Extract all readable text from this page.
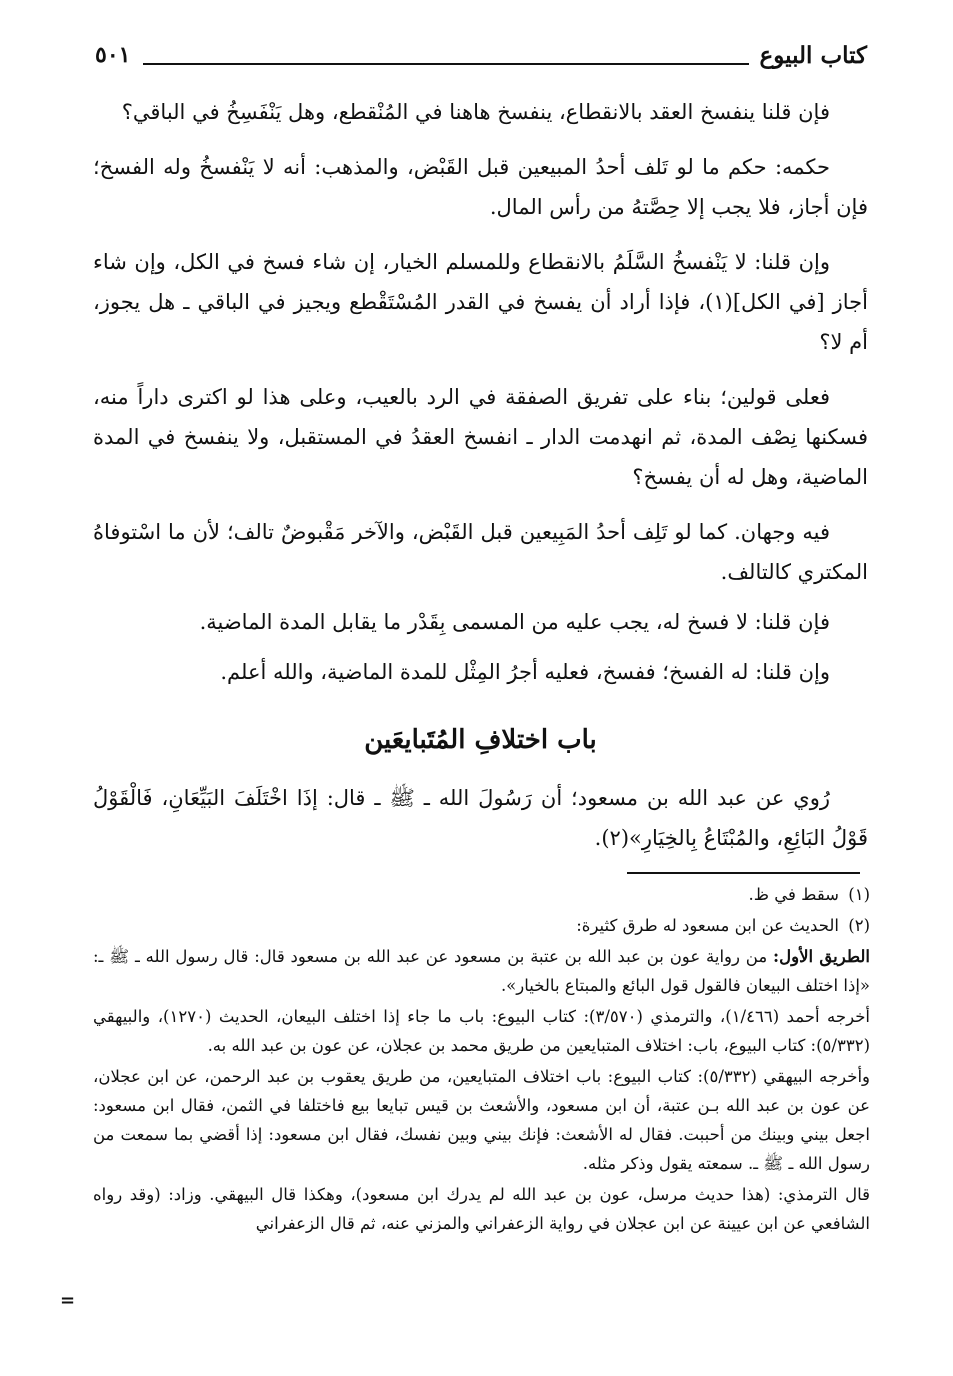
كتاب البيوع
٥٠١

فإن قلنا ينفسخ العقد بالانقطاع، ينفسخ هاهنا في المُنْقطع، وهل يَنْفَسِخُ في الباقي؟

حكمه: حكم ما لو تَلف أحدُ المبيعين قبل القَبْض، والمذهب: أنه لا يَنْفسخُ وله الفسخ؛ فإن أجاز، فلا يجب إلا حِصَّتهُ من رأس المال.

وإن قلنا: لا يَنْفسخُ السَّلَمُ بالانقطاع وللمسلم الخيار، إن شاء فسخ في الكل، وإن شاء أجاز [في الكل](١)، فإذا أراد أن يفسخ في القدر المُسْتَقْطع ويجيز في الباقي ـ هل يجوز، أم لا؟

فعلى قولين؛ بناء على تفريق الصفقة في الرد بالعيب، وعلى هذا لو اكترى داراً منه، فسكنها نِصْف المدة، ثم انهدمت الدار ـ انفسخ العقدُ في المستقبل، ولا ينفسخ في المدة الماضية، وهل له أن يفسخ؟

فيه وجهان. كما لو تَلِف أحدُ المَبِيعين قبل القَبْض، والآخر مَقْبوضٌ تالف؛ لأن ما اسْتوفاهُ المكتري كالتالف.

فإن قلنا: لا فسخ له، يجب عليه من المسمى بِقَدْر ما يقابل المدة الماضية.

وإن قلنا: له الفسخ؛ ففسخ، فعليه أجرُ المِثْل للمدة الماضية، والله أعلم.

باب اختلافِ المُتَبايعَين

رُوي عن عبد الله بن مسعود؛ أن رَسُولَ الله ـ ﷺ ـ قال: إذَا اخْتَلَفَ البَيِّعَانِ، فَالْقَوْلُ قَوْلُ البَائِعِ، والمُبْتَاعُ بِالخِيَارِ»(٢).

(١) سقط في ظ.

(٢) الحديث عن ابن مسعود له طرق كثيرة:

الطريق الأول: من رواية عون بن عبد الله بن عتبة بن مسعود عن عبد الله بن مسعود قال: قال رسول الله ـ ﷺ ـ: «إذا اختلف البيعان فالقول قول البائع والمبتاع بالخيار».

أخرجه أحمد (١/٤٦٦)، والترمذي (٣/٥٧٠): كتاب البيوع: باب ما جاء إذا اختلف البيعان، الحديث (١٢٧٠)، والبيهقي (٥/٣٣٢): كتاب البيوع، باب: اختلاف المتبايعين من طريق محمد بن عجلان، عن عون بن عبد الله به.

وأخرجه البيهقي (٥/٣٣٢): كتاب البيوع: باب اختلاف المتبايعين، من طريق يعقوب بن عبد الرحمن، عن ابن عجلان، عن عون بن عبد الله بـن عتبة، أن ابن مسعود، والأشعث بن قيس تبايعا بيع فاختلفا في الثمن، فقال ابن مسعود: اجعل بيني وبينك من أحببت. فقال له الأشعث: فإنك بيني وبين نفسك، فقال ابن مسعود: إذا أقضي بما سمعت من رسول الله ـ ﷺ ـ. سمعته يقول وذكر مثله.

قال الترمذي: (هذا حديث مرسل، عون بن عبد الله لم يدرك ابن مسعود)، وهكذا قال البيهقي. وزاد: (وقد رواه الشافعي عن ابن عيينة عن ابن عجلان في رواية الزعفراني والمزني عنه، ثم قال الزعفراني

=
